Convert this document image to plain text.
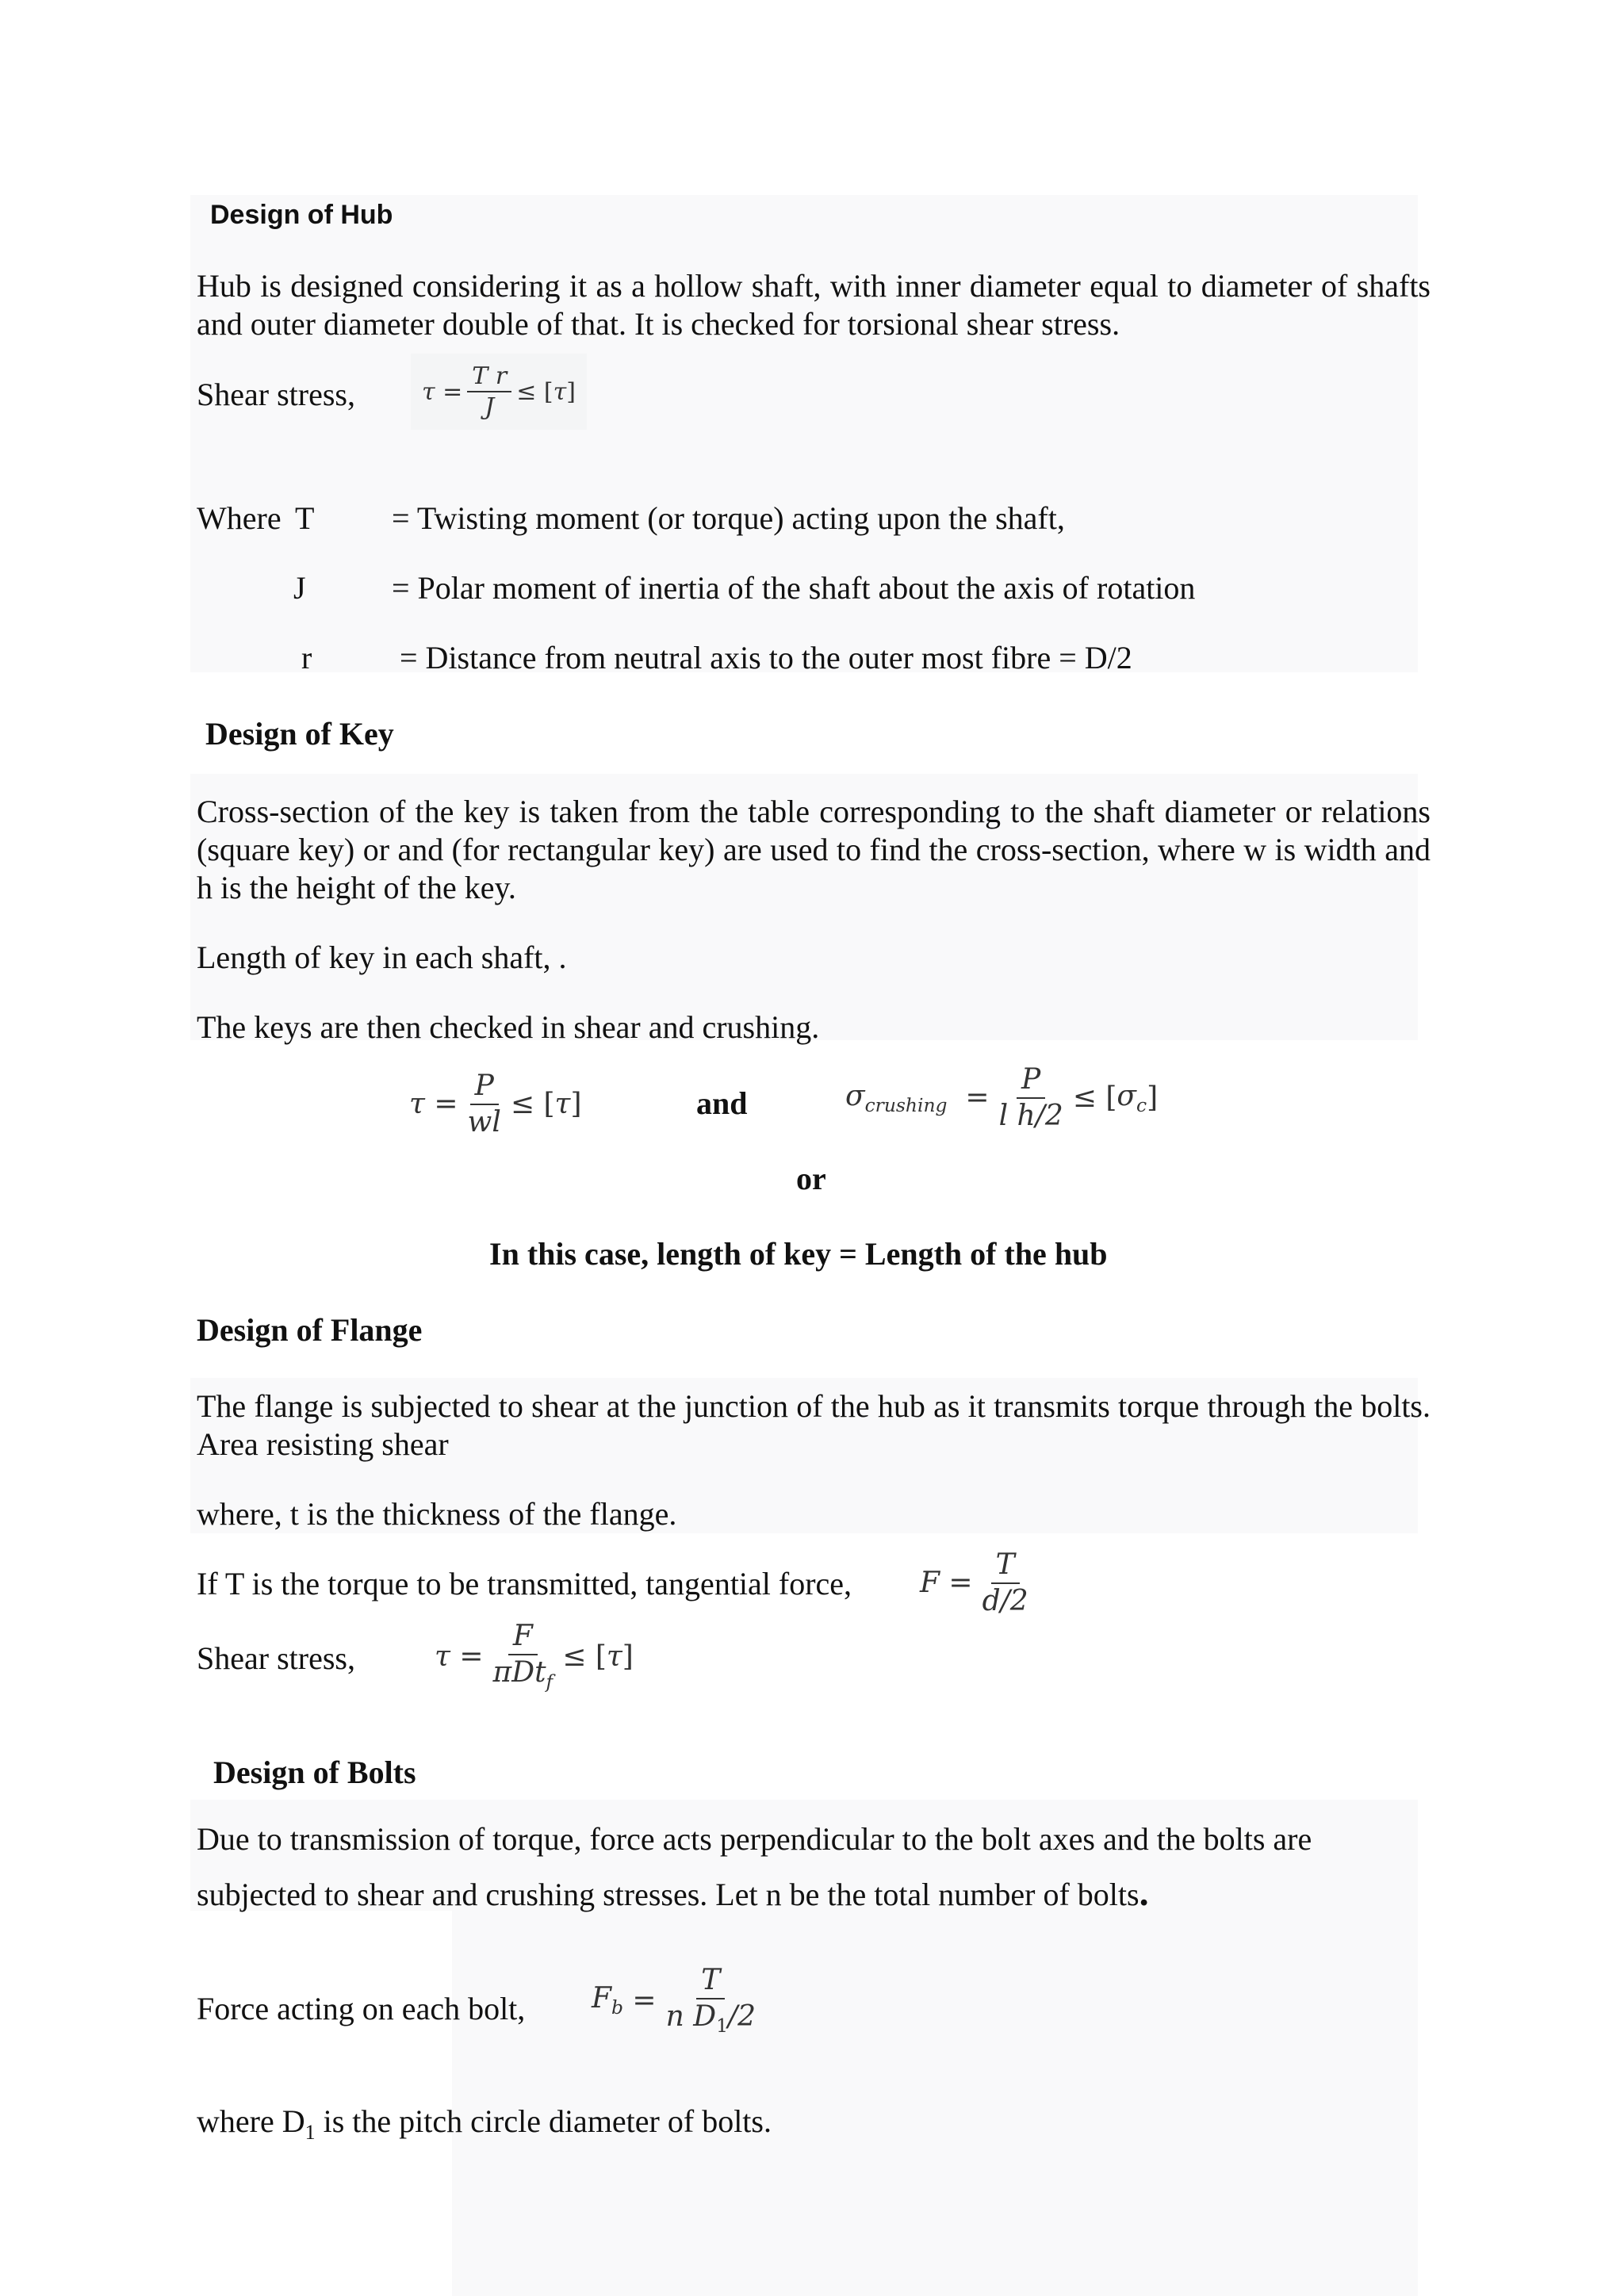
Design of Hub
Hub is designed considering it as a hollow shaft, with inner diameter equal to diameter of shafts and outer diameter double of that. It is checked for torsional shear stress.
Shear stress,	$\tau = \frac{\text{T r}}{J}$ ≤ [ τ ]
Where T = Twisting moment (or torque) acting upon the shaft,
J	= Polar moment of inertia of the shaft about the axis of rotation
r	= Distance from neutral axis to the outer most fibre = D/2
Design of Key
Cross-section of the key is taken from the table corresponding to the shaft diameter or relations (square key) or and (for rectangular key) are used to find the cross-section, where w is width and h is the height of the key.
Length of key in each shaft, .
The keys are then checked in shear and crushing.
$\tau = \frac{P}{wl}$ ≤ [ τ ]	and	$\sigma_{crushing} = \frac{P}{\text{l h/2}}$ ≤ [ $\sigma_c$ ]
or
In this case, length of key = Length of the hub
Design of Flange
The flange is subjected to shear at the junction of the hub as it transmits torque through the bolts. Area resisting shear
where, t is the thickness of the flange.
If T is the torque to be transmitted, tangential force, $F = \frac{T}{d/2}$
Shear stress,	$\tau = \frac{F}{\pi Dt_f}$ ≤ [ τ ]
Design of Bolts
Due to transmission of torque, force acts perpendicular to the bolt axes and the bolts are
subjected to shear and crushing stresses. Let n be the total number of bolts.
Force acting on each bolt, $F_b = \frac{T}{n D_1/2}$
where $D_1$ is the pitch circle diameter of bolts.
